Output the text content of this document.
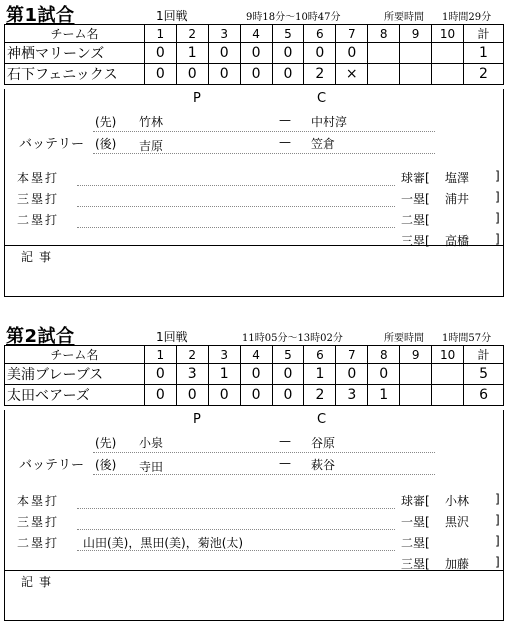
第1試合	1回戦	9時18分～10時47分	所要時間 1時間29分
チーム名	1	2	3	4	5	6	7	8	9	10	計
神栖マリーンズ	0	1	0	0	0	0	0				1
石下フェニックス	0	0	0	0	0	2	×				2
P	C
バッテリー
(先) 竹林	— 中村淳
(後) 吉原	— 笠倉
本塁打
三塁打
二塁打
球審[ 塩澤 ]
一塁[ 浦井 ]
二塁[	]
三塁[ 高橋 ]
記事
第2試合	1回戦	11時05分～13時02分	所要時間 1時間57分
チーム名	1	2	3	4	5	6	7	8	9	10	計
美浦ブレーブス	0	3	1	0	0	1	0	0			5
太田ベアーズ	0	0	0	0	0	2	3	1			6
P	C
バッテリー
(先) 小泉	— 谷原
(後) 寺田	— 萩谷
本塁打
三塁打
二塁打 山田(美)，黒田(美)，菊池(太)
球審[ 小林 ]
一塁[ 黒沢 ]
二塁[	]
三塁[ 加藤 ]
記事
